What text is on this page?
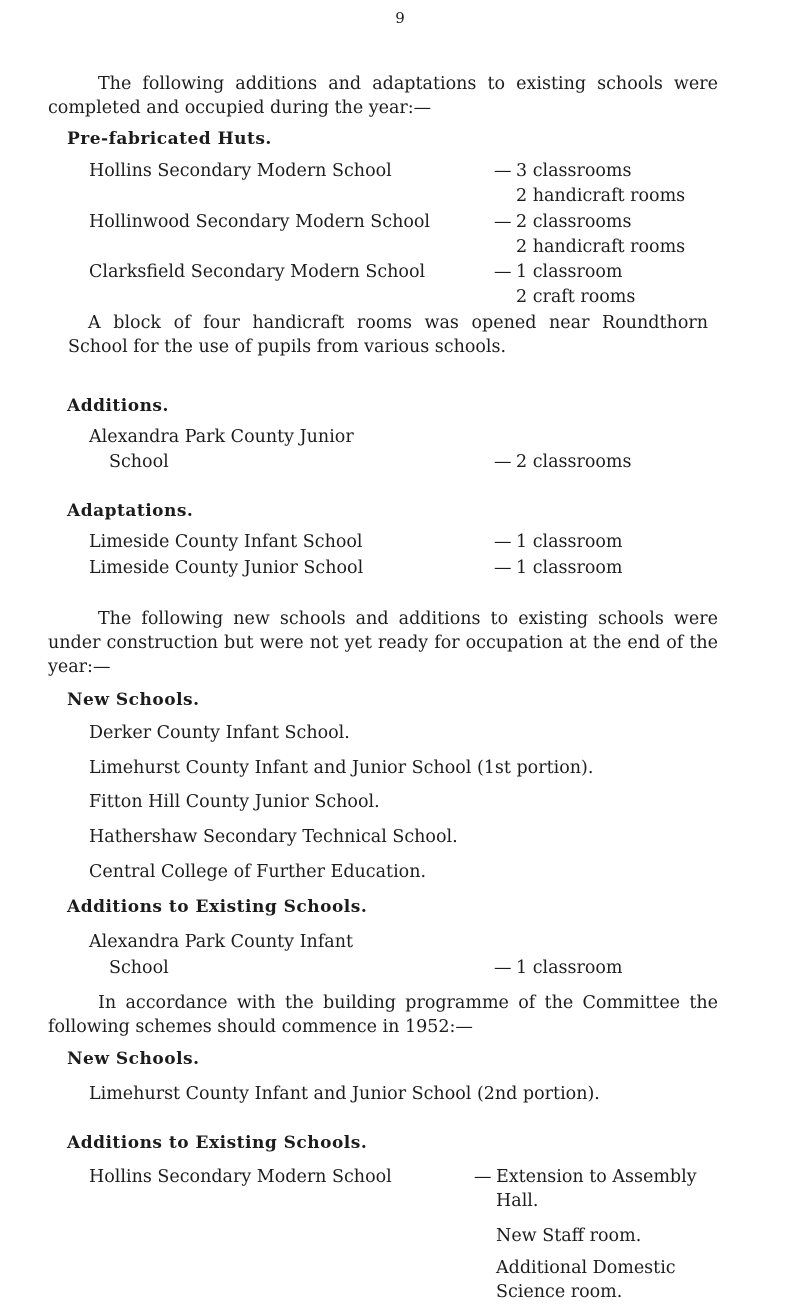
9
The following additions and adaptations to existing schools were completed and occupied during the year:—
Pre-fabricated Huts.
Hollins Secondary Modern School	— 3 classrooms
2 handicraft rooms
Hollinwood Secondary Modern School	— 2 classrooms
2 handicraft rooms
Clarksfield Secondary Modern School	— 1 classroom
2 craft rooms
A block of four handicraft rooms was opened near Roundthorn School for the use of pupils from various schools.
Additions.
Alexandra Park County Junior
School	— 2 classrooms
Adaptations.
Limeside County Infant School	— 1 classroom
Limeside County Junior School	— 1 classroom
The following new schools and additions to existing schools were under construction but were not yet ready for occupation at the end of the year:—
New Schools.
Derker County Infant School.
Limehurst County Infant and Junior School (1st portion).
Fitton Hill County Junior School.
Hathershaw Secondary Technical School.
Central College of Further Education.
Additions to Existing Schools.
Alexandra Park County Infant
School	— 1 classroom
In accordance with the building programme of the Committee the following schemes should commence in 1952:—
New Schools.
Limehurst County Infant and Junior School (2nd portion).
Additions to Existing Schools.
Hollins Secondary Modern School	— Extension to Assembly Hall.
New Staff room.
Additional Domestic Science room.
